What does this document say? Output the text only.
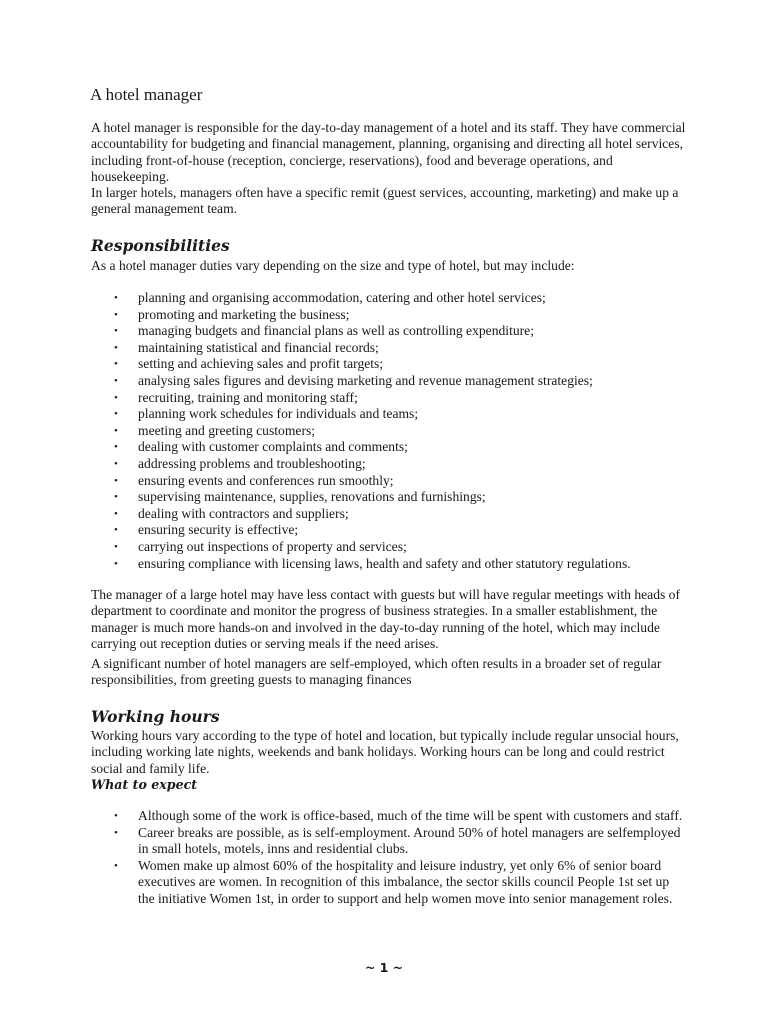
A hotel manager

A hotel manager is responsible for the day-to-day management of a hotel and its staff. They have commercial accountability for budgeting and financial management, planning, organising and directing all hotel services, including front-of-house (reception, concierge, reservations), food and beverage operations, and housekeeping.

In larger hotels, managers often have a specific remit (guest services, accounting, marketing) and make up a general management team.

Responsibilities

As a hotel manager duties vary depending on the size and type of hotel, but may include:

• planning and organising accommodation, catering and other hotel services;
• promoting and marketing the business;
• managing budgets and financial plans as well as controlling expenditure;
• maintaining statistical and financial records;
• setting and achieving sales and profit targets;
• analysing sales figures and devising marketing and revenue management strategies;
• recruiting, training and monitoring staff;
• planning work schedules for individuals and teams;
• meeting and greeting customers;
• dealing with customer complaints and comments;
• addressing problems and troubleshooting;
• ensuring events and conferences run smoothly;
• supervising maintenance, supplies, renovations and furnishings;
• dealing with contractors and suppliers;
• ensuring security is effective;
• carrying out inspections of property and services;
• ensuring compliance with licensing laws, health and safety and other statutory regulations.

The manager of a large hotel may have less contact with guests but will have regular meetings with heads of department to coordinate and monitor the progress of business strategies. In a smaller establishment, the manager is much more hands-on and involved in the day-to-day running of the hotel, which may include carrying out reception duties or serving meals if the need arises.

A significant number of hotel managers are self-employed, which often results in a broader set of regular responsibilities, from greeting guests to managing finances

Working hours

Working hours vary according to the type of hotel and location, but typically include regular unsocial hours, including working late nights, weekends and bank holidays. Working hours can be long and could restrict social and family life.

What to expect
• Although some of the work is office-based, much of the time will be spent with customers and staff.
• Career breaks are possible, as is self-employment. Around 50% of hotel managers are selfemployed in small hotels, motels, inns and residential clubs.
• Women make up almost 60% of the hospitality and leisure industry, yet only 6% of senior board executives are women. In recognition of this imbalance, the sector skills council People 1st set up the initiative Women 1st, in order to support and help women move into senior management roles.
~ 1 ~
